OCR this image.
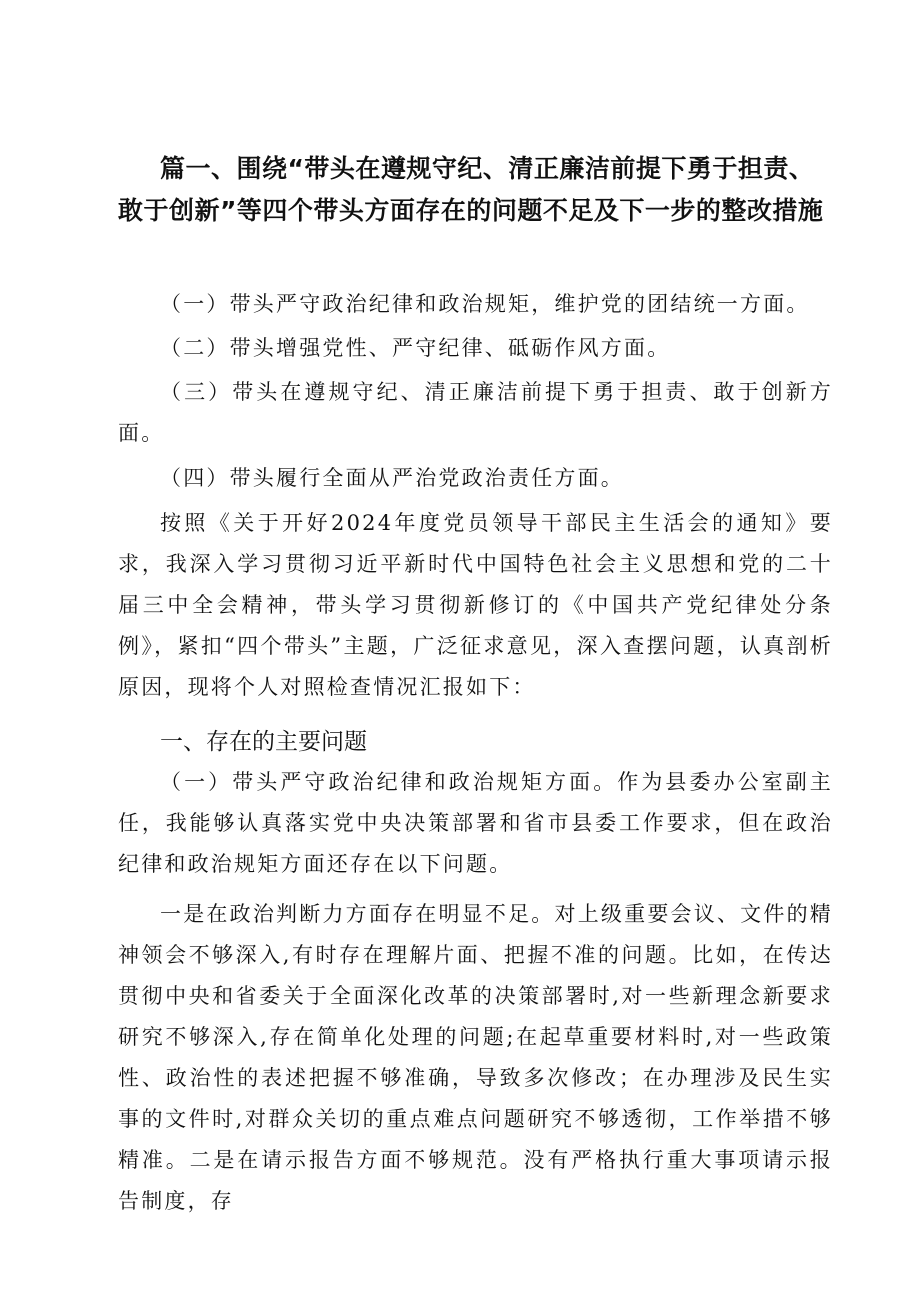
篇一、围绕“带头在遵规守纪、清正廉洁前提下勇于担责、敢于创新”等四个带头方面存在的问题不足及下一步的整改措施
（一）带头严守政治纪律和政治规矩，维护党的团结统一方面。
（二）带头增强党性、严守纪律、砥砺作风方面。
（三）带头在遵规守纪、清正廉洁前提下勇于担责、敢于创新方面。
（四）带头履行全面从严治党政治责任方面。
按照《关于开好2024年度党员领导干部民主生活会的通知》要求，我深入学习贯彻习近平新时代中国特色社会主义思想和党的二十届三中全会精神，带头学习贯彻新修订的《中国共产党纪律处分条例》，紧扣“四个带头”主题，广泛征求意见，深入查摆问题，认真剖析原因，现将个人对照检查情况汇报如下：
一、存在的主要问题
（一）带头严守政治纪律和政治规矩方面。作为县委办公室副主任，我能够认真落实党中央决策部署和省市县委工作要求，但在政治纪律和政治规矩方面还存在以下问题。
一是在政治判断力方面存在明显不足。对上级重要会议、文件的精神领会不够深入,有时存在理解片面、把握不准的问题。比如，在传达贯彻中央和省委关于全面深化改革的决策部署时,对一些新理念新要求研究不够深入,存在简单化处理的问题;在起草重要材料时,对一些政策性、政治性的表述把握不够准确，导致多次修改；在办理涉及民生实事的文件时,对群众关切的重点难点问题研究不够透彻，工作举措不够精准。二是在请示报告方面不够规范。没有严格执行重大事项请示报告制度，存
